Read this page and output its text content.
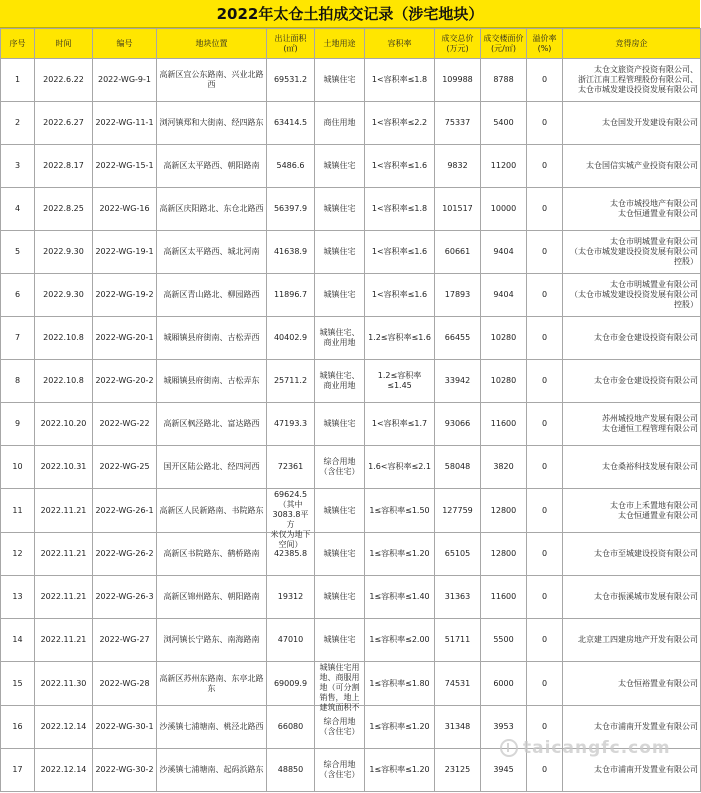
2022年太仓土拍成交记录（涉宅地块）
序号	时间	编号	地块位置	出让面积
(㎡)	土地用途	容积率	成交总价
(万元)	成交楼面价
(元/㎡)	溢价率
(%)	竞得房企

1	2022.6.22	2022-WG-9-1	高新区宜公东路南、兴业北路西	69531.2	城镇住宅	1<容积率≤1.8	109988	8788	0	太仓文旅资产投资有限公司、
浙江江南工程管理股份有限公司、
太仓市城发建设投资发展有限公司

2	2022.6.27	2022-WG-11-1	浏河镇郑和大街南、经四路东	63414.5	商住用地	1<容积率≤2.2	75337	5400	0	太仓国发开发建设有限公司

3	2022.8.17	2022-WG-15-1	高新区太平路西、朝阳路南	5486.6	城镇住宅	1<容积率≤1.6	9832	11200	0	太仓国信实城产业投资有限公司

4	2022.8.25	2022-WG-16	高新区庆阳路北、东仓北路西	56397.9	城镇住宅	1<容积率≤1.8	101517	10000	0	太仓市城投地产有限公司
太仓恒通置业有限公司

5	2022.9.30	2022-WG-19-1	高新区太平路西、城北河南	41638.9	城镇住宅	1<容积率≤1.6	60661	9404	0	太仓市明城置业有限公司
（太仓市城发建设投资发展有限公司控股）

6	2022.9.30	2022-WG-19-2	高新区青山路北、柳园路西	11896.7	城镇住宅	1<容积率≤1.6	17893	9404	0	太仓市明城置业有限公司
（太仓市城发建设投资发展有限公司控股）

7	2022.10.8	2022-WG-20-1	城厢镇县府街南、古松弄西	40402.9	城镇住宅、
商业用地	1.2≤容积率≤1.6	66455	10280	0	太仓市金仓建设投资有限公司

8	2022.10.8	2022-WG-20-2	城厢镇县府街南、古松弄东	25711.2	城镇住宅、
商业用地	1.2≤容积率≤1.45	33942	10280	0	太仓市金仓建设投资有限公司

9	2022.10.20	2022-WG-22	高新区枫泾路北、富达路西	47193.3	城镇住宅	1<容积率≤1.7	93066	11600	0	苏州城投地产发展有限公司
太仓通恒工程管理有限公司

10	2022.10.31	2022-WG-25	国开区陆公路北、经四河西	72361	综合用地
（含住宅）	1.6<容积率≤2.1	58048	3820	0	太仓桑裕科技发展有限公司

11	2022.11.21	2022-WG-26-1	高新区人民新路南、书院路东	69624.5
（其中
3083.8平方
米仅为地下
空间）	城镇住宅	1≤容积率≤1.50	127759	12800	0	太仓市上禾置地有限公司
太仓恒通置业有限公司

12	2022.11.21	2022-WG-26-2	高新区书院路东、鹤桥路南	42385.8	城镇住宅	1≤容积率≤1.20	65105	12800	0	太仓市至城建设投资有限公司

13	2022.11.21	2022-WG-26-3	高新区锦州路东、朝阳路南	19312	城镇住宅	1≤容积率≤1.40	31363	11600	0	太仓市振溪城市发展有限公司

14	2022.11.21	2022-WG-27	浏河镇长宁路东、南海路南	47010	城镇住宅	1≤容积率≤2.00	51711	5500	0	北京建工四建房地产开发有限公司

15	2022.11.30	2022-WG-28	高新区苏州东路南、东亭北路东	69009.9	城镇住宅用
地、商服用
地（可分割
销售，地上
建筑面积不	1≤容积率≤1.80	74531	6000	0	太仓恒裕置业有限公司

16	2022.12.14	2022-WG-30-1	沙溪镇七浦塘南、桃泾北路西	66080	综合用地
（含住宅）	1≤容积率≤1.20	31348	3953	0	太仓市浦南开发置业有限公司

17	2022.12.14	2022-WG-30-2	沙溪镇七浦塘南、起码浜路东	48850	综合用地
（含住宅）	1≤容积率≤1.20	23125	3945	0	太仓市浦南开发置业有限公司
taicangfc.com
